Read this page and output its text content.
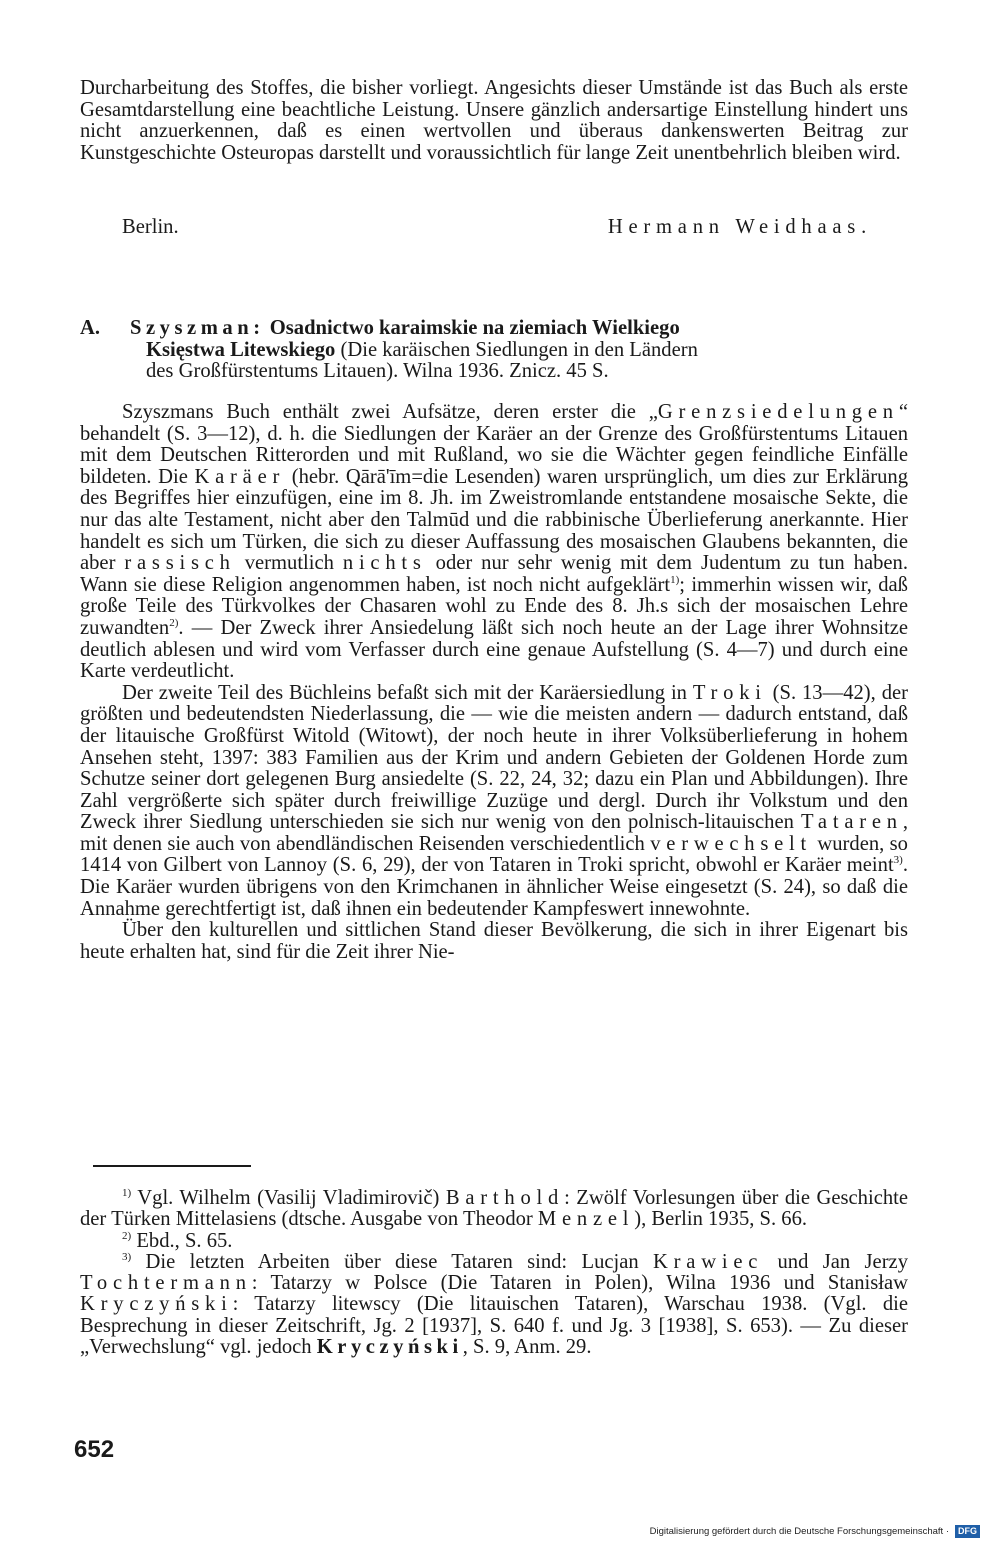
Durcharbeitung des Stoffes, die bisher vorliegt. Angesichts dieser Umstände ist das Buch als erste Gesamtdarstellung eine beachtliche Leistung. Unsere gänzlich andersartige Einstellung hindert uns nicht anzuerkennen, daß es einen wertvollen und überaus dankenswerten Beitrag zur Kunstgeschichte Osteuropas darstellt und voraussichtlich für lange Zeit unentbehrlich bleiben wird.

Berlin.	Hermann Weidhaas.
A.	Szyszman: Osadnictwo karaimskie na ziemiach Wielkiego
Księstwa Litewskiego (Die karäischen Siedlungen in den Ländern
des Großfürstentums Litauen). Wilna 1936. Znicz. 45 S.

Szyszmans Buch enthält zwei Aufsätze, deren erster die „Grenzsiedelungen“ behandelt (S. 3—12), d. h. die Siedlungen der Karäer an der Grenze des Großfürstentums Litauen mit dem Deutschen Ritterorden und mit Rußland, wo sie die Wächter gegen feindliche Einfälle bildeten. Die Karäer (hebr. Qārā'īm=die Lesenden) waren ursprünglich, um dies zur Erklärung des Begriffes hier einzufügen, eine im 8. Jh. im Zweistromlande entstandene mosaische Sekte, die nur das alte Testament, nicht aber den Talmūd und die rabbinische Überlieferung anerkannte. Hier handelt es sich um Türken, die sich zu dieser Auffassung des mosaischen Glaubens bekannten, die aber rassisch vermutlich nichts oder nur sehr wenig mit dem Judentum zu tun haben. Wann sie diese Religion angenommen haben, ist noch nicht aufgeklärt$^{1)}$; immerhin wissen wir, daß große Teile des Türkvolkes der Chasaren wohl zu Ende des 8. Jh.s sich der mosaischen Lehre zuwandten$^{2)}$. — Der Zweck ihrer Ansiedelung läßt sich noch heute an der Lage ihrer Wohnsitze deutlich ablesen und wird vom Verfasser durch eine genaue Aufstellung (S. 4—7) und durch eine Karte verdeutlicht.

Der zweite Teil des Büchleins befaßt sich mit der Karäersiedlung in Troki (S. 13—42), der größten und bedeutendsten Niederlassung, die — wie die meisten andern — dadurch entstand, daß der litauische Großfürst Witold (Witowt), der noch heute in ihrer Volksüberlieferung in hohem Ansehen steht, 1397: 383 Familien aus der Krim und andern Gebieten der Goldenen Horde zum Schutze seiner dort gelegenen Burg ansiedelte (S. 22, 24, 32; dazu ein Plan und Abbildungen). Ihre Zahl vergrößerte sich später durch freiwillige Zuzüge und dergl. Durch ihr Volkstum und den Zweck ihrer Siedlung unterschieden sie sich nur wenig von den polnisch-litauischen Tataren, mit denen sie auch von abendländischen Reisenden verschiedentlich verwechselt wurden, so 1414 von Gilbert von Lannoy (S. 6, 29), der von Tataren in Troki spricht, obwohl er Karäer meint$^{3)}$. Die Karäer wurden übrigens von den Krimchanen in ähnlicher Weise eingesetzt (S. 24), so daß die Annahme gerechtfertigt ist, daß ihnen ein bedeutender Kampfeswert innewohnte.

Über den kulturellen und sittlichen Stand dieser Bevölkerung, die sich in ihrer Eigenart bis heute erhalten hat, sind für die Zeit ihrer Nie-

$^{1)}$ Vgl. Wilhelm (Vasilij Vladimirovič) Barthold: Zwölf Vorlesungen über die Geschichte der Türken Mittelasiens (dtsche. Ausgabe von Theodor Menzel), Berlin 1935, S. 66.

$^{2)}$ Ebd., S. 65.

$^{3)}$ Die letzten Arbeiten über diese Tataren sind: Lucjan Krawiec und Jan Jerzy Tochtermann: Tatarzy w Polsce (Die Tataren in Polen), Wilna 1936 und Stanisław Kryczyński: Tatarzy litewscy (Die litauischen Tataren), Warschau 1938. (Vgl. die Besprechung in dieser Zeitschrift, Jg. 2 [1937], S. 640 f. und Jg. 3 [1938], S. 653). — Zu dieser „Verwechslung“ vgl. jedoch Kryczyński, S. 9, Anm. 29.

652
Digitalisierung gefördert durch die Deutsche Forschungsgemeinschaft ·	DFG
